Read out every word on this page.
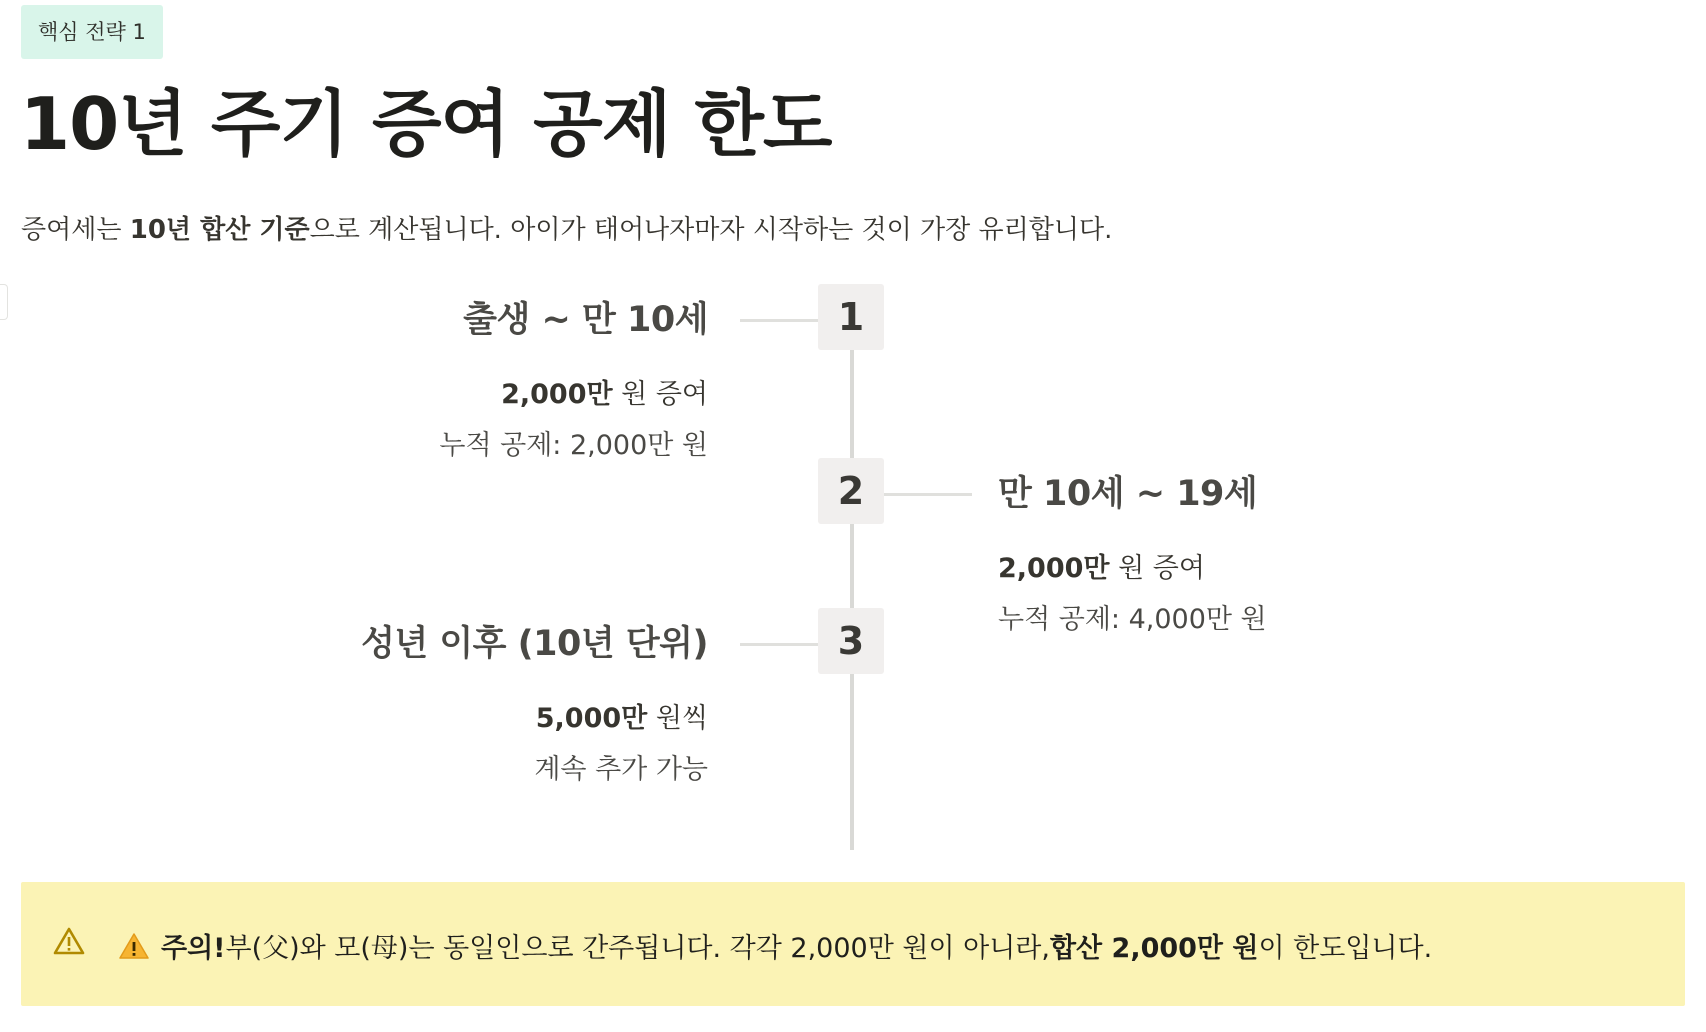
핵심 전략 1
10년 주기 증여 공제 한도

증여세는 10년 합산 기준으로 계산됩니다. 아이가 태어나자마자 시작하는 것이 가장 유리합니다.

1
출생 ~ 만 10세
2,000만 원 증여
누적 공제: 2,000만 원
2	만 10세 ~ 19세
2,000만 원 증여
누적 공제: 4,000만 원
3
성년 이후 (10년 단위)
5,000만 원씩
계속 추가 가능
주의! 부(父)와 모(母)는 동일인으로 간주됩니다. 각각 2,000만 원이 아니라, 합산 2,000만 원 이 한도입니다.
